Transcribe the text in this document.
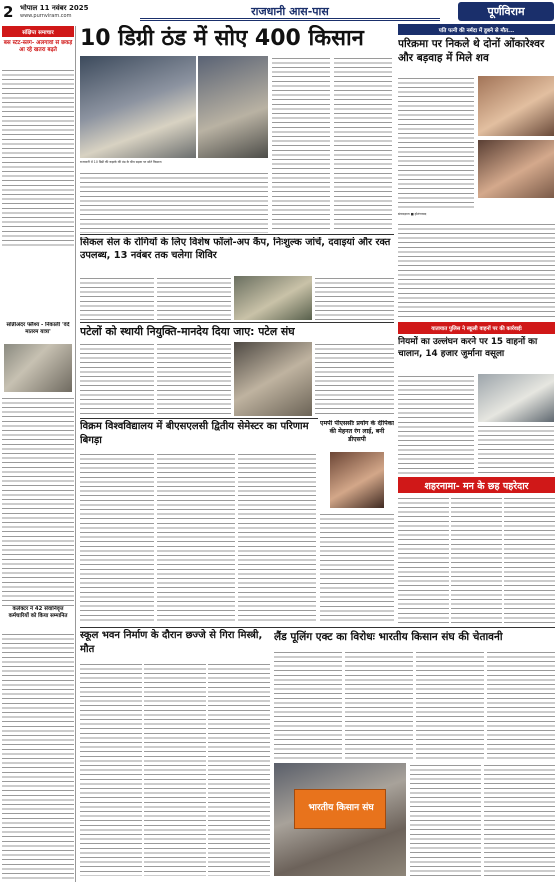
2 भोपाल 11 नवंबर 2025
www.purnviram.com	राजधानी आस-पास	पूर्णविराम
संक्षिप्त समाचार
बस स्टेट-स्लग- अलगावों से छकड़े आ रहे खतरा बढ़ते
सोन्नीअंदर फ्लैश्य - निकाली 'वंदे मातरम यात्रा'
कलेक्टर ने 42 सेवानिवृत्त कर्मचारियों को किया सम्मानित
10 डिग्री ठंड में सोए 400 किसान
राजधानी में 10 डिग्री की कड़ाके की ठंड के बीच सड़क पर सोते किसान।
पति पत्नी की नर्मदा में डूबने से मौत...
परिक्रमा पर निकले थे दोनों ओंकारेश्वर और बड़वाह में मिले शव
संवाददाता ■ होशंगाबाद
सिकल सेल के रोगियों के लिए विशेष फॉलो-अप कैंप, निःशुल्क जांचें, दवाइयां और रक्त उपलब्ध, 13 नवंबर तक चलेगा शिविर
पटेलों को स्थायी नियुक्ति-मानदेय दिया जाए: पटेल संघ
विक्रम विश्वविद्यालय में बीएसएलसी द्वितीय सेमेस्टर का परिणाम बिगड़ा
एमपी पीएससीः प्रयोग के दीपिका की मेहनत रंग लाई, बनी डीएसपी
यातायात पुलिस ने स्कूली वाहनों पर की कार्रवाईः
नियमों का उल्लंघन करने पर 15 वाहनों का चालान, 14 हजार जुर्माना वसूला
शहरनामा- मन के छह पहरेदार
स्कूल भवन निर्माण के दौरान छज्जे से गिरा मिस्त्री, मौत
लैंड पूलिंग एक्ट का विरोधः भारतीय किसान संघ की चेतावनी
भारतीय किसान संघ
